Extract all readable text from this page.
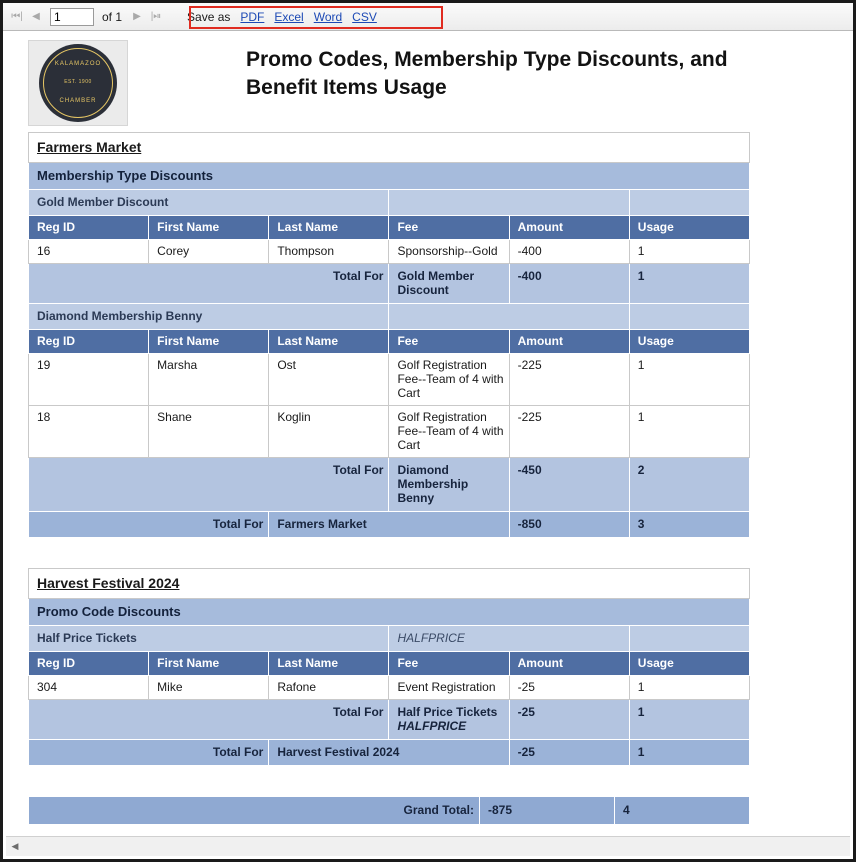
⏮| ◀
1	of 1	▶ |⏯ Save as PDF Excel Word CSV
KALAMAZOO
EST. 1900
CHAMBER
Promo Codes, Membership Type Discounts, and Benefit Items Usage
Farmers Market					
Membership Type Discounts					
Gold Member Discount					
Reg ID	First Name	Last Name	Fee	Amount	Usage
16	Corey	Thompson	Sponsorship--Gold	-400	1
Total For			Gold Member Discount	-400	1
Diamond Membership Benny					
Reg ID	First Name	Last Name	Fee	Amount	Usage
19	Marsha	Ost	Golf Registration Fee--Team of 4 with Cart	-225	1
18	Shane	Koglin	Golf Registration Fee--Team of 4 with Cart	-225	1
Total For			Diamond Membership Benny	-450	2
Total For		Farmers Market		-850	3
Harvest Festival 2024					
Promo Code Discounts					
Half Price Tickets			HALFPRICE		
Reg ID	First Name	Last Name	Fee	Amount	Usage
304	Mike	Rafone	Event Registration	-25	1
Total For			Half Price Tickets HALFPRICE	-25	1
Total For		Harvest Festival 2024		-25	1
Grand Total:	-875	4
◀
